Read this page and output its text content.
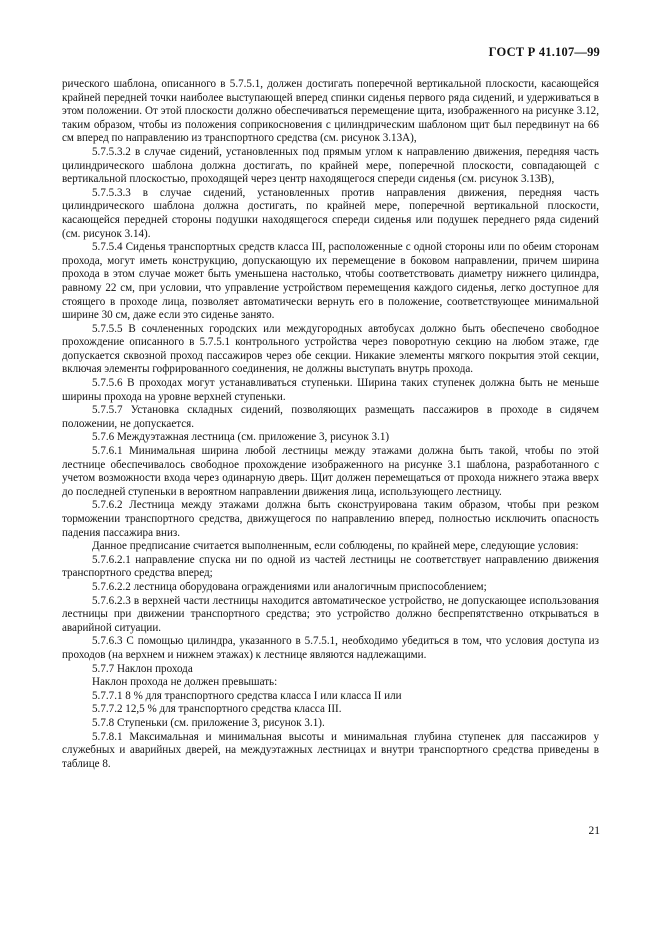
ГОСТ Р 41.107—99

рического шаблона, описанного в 5.7.5.1, должен достигать поперечной вертикальной плоскости, касающейся крайней передней точки наиболее выступающей вперед спинки сиденья первого ряда сидений, и удерживаться в этом положении. От этой плоскости должно обеспечиваться перемещение щита, изображенного на рисунке 3.12, таким образом, чтобы из положения соприкосновения с цилиндрическим шаблоном щит был передвинут на 66 см вперед по направлению из транспортного средства (см. рисунок 3.13А),

5.7.5.3.2 в случае сидений, установленных под прямым углом к направлению движения, передняя часть цилиндрического шаблона должна достигать, по крайней мере, поперечной плоскости, совпадающей с вертикальной плоскостью, проходящей через центр находящегося спереди сиденья (см. рисунок 3.13В),

5.7.5.3.3 в случае сидений, установленных против направления движения, передняя часть цилиндрического шаблона должна достигать, по крайней мере, поперечной вертикальной плоскости, касающейся передней стороны подушки находящегося спереди сиденья или подушек переднего ряда сидений (см. рисунок 3.14).

5.7.5.4 Сиденья транспортных средств класса III, расположенные с одной стороны или по обеим сторонам прохода, могут иметь конструкцию, допускающую их перемещение в боковом направлении, причем ширина прохода в этом случае может быть уменьшена настолько, чтобы соответствовать диаметру нижнего цилиндра, равному 22 см, при условии, что управление устройством перемещения каждого сиденья, легко доступное для стоящего в проходе лица, позволяет автоматически вернуть его в положение, соответствующее минимальной ширине 30 см, даже если это сиденье занято.

5.7.5.5 В сочлененных городских или междугородных автобусах должно быть обеспечено свободное прохождение описанного в 5.7.5.1 контрольного устройства через поворотную секцию на любом этаже, где допускается сквозной проход пассажиров через обе секции. Никакие элементы мягкого покрытия этой секции, включая элементы гофрированного соединения, не должны выступать внутрь прохода.

5.7.5.6 В проходах могут устанавливаться ступеньки. Ширина таких ступенек должна быть не меньше ширины прохода на уровне верхней ступеньки.

5.7.5.7 Установка складных сидений, позволяющих размещать пассажиров в проходе в сидячем положении, не допускается.

5.7.6 Междуэтажная лестница (см. приложение 3, рисунок 3.1)

5.7.6.1 Минимальная ширина любой лестницы между этажами должна быть такой, чтобы по этой лестнице обеспечивалось свободное прохождение изображенного на рисунке 3.1 шаблона, разработанного с учетом возможности входа через одинарную дверь. Щит должен перемещаться от прохода нижнего этажа вверх до последней ступеньки в вероятном направлении движения лица, использующего лестницу.

5.7.6.2 Лестница между этажами должна быть сконструирована таким образом, чтобы при резком торможении транспортного средства, движущегося по направлению вперед, полностью исключить опасность падения пассажира вниз.

Данное предписание считается выполненным, если соблюдены, по крайней мере, следующие условия:

5.7.6.2.1 направление спуска ни по одной из частей лестницы не соответствует направлению движения транспортного средства вперед;

5.7.6.2.2 лестница оборудована ограждениями или аналогичным приспособлением;

5.7.6.2.3 в верхней части лестницы находится автоматическое устройство, не допускающее использования лестницы при движении транспортного средства; это устройство должно беспрепятственно открываться в аварийной ситуации.

5.7.6.3 С помощью цилиндра, указанного в 5.7.5.1, необходимо убедиться в том, что условия доступа из проходов (на верхнем и нижнем этажах) к лестнице являются надлежащими.

5.7.7 Наклон прохода

Наклон прохода не должен превышать:

5.7.7.1 8 % для транспортного средства класса I или класса II или

5.7.7.2 12,5 % для транспортного средства класса III.

5.7.8 Ступеньки (см. приложение 3, рисунок 3.1).

5.7.8.1 Максимальная и минимальная высоты и минимальная глубина ступенек для пассажиров у служебных и аварийных дверей, на междуэтажных лестницах и внутри транспортного средства приведены в таблице 8.

21
